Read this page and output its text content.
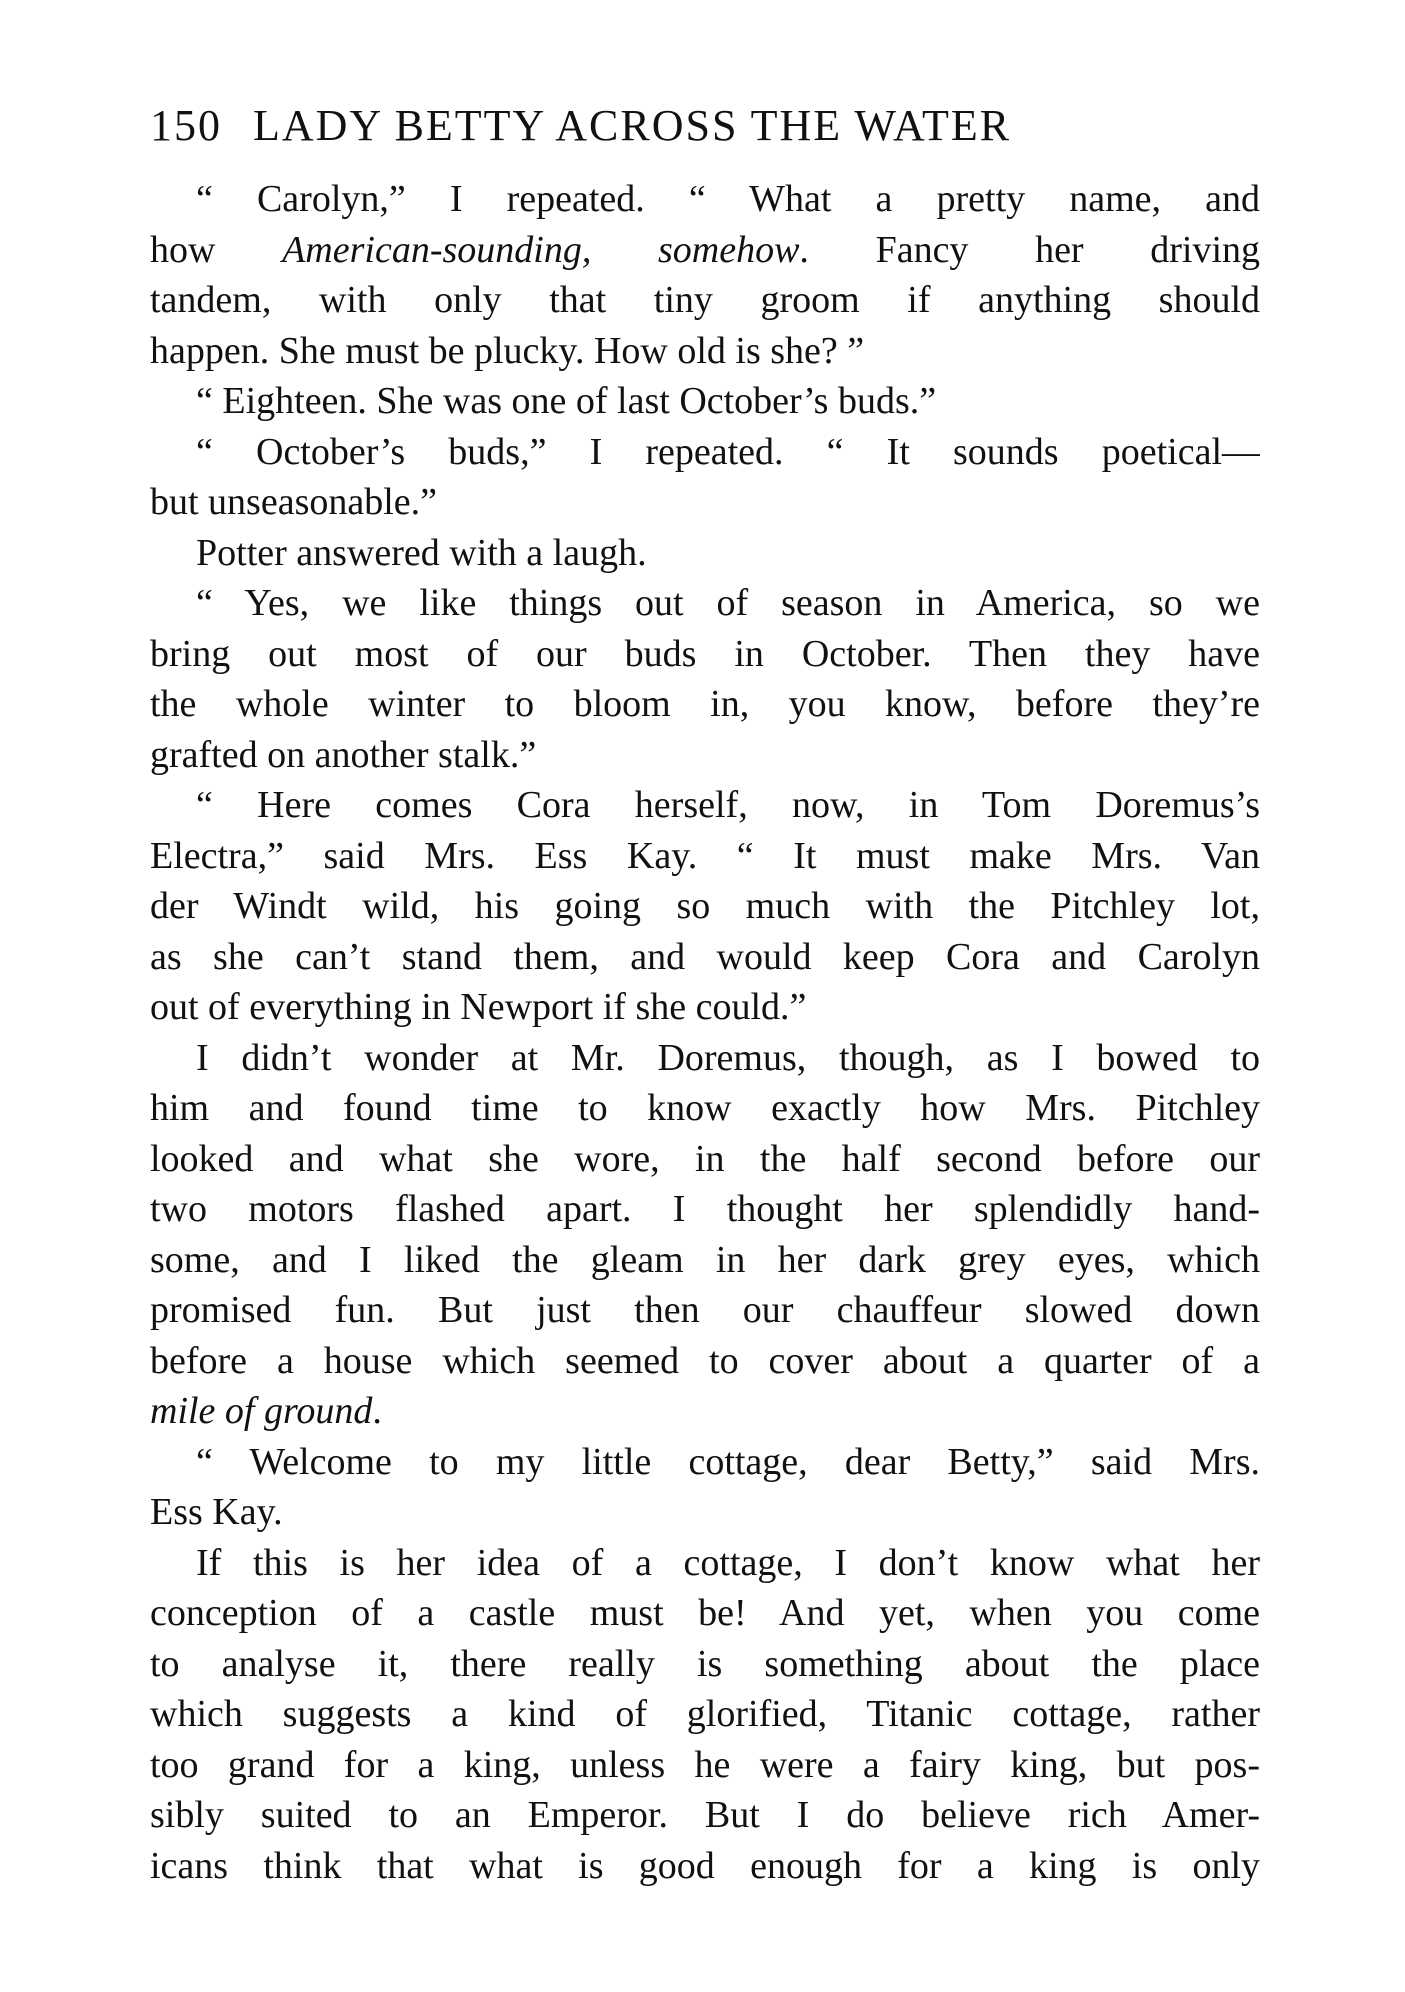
150 LADY BETTY ACROSS THE WATER
“ Carolyn,” I repeated. “ What a pretty name, and
how American-sounding, somehow. Fancy her driving
tandem, with only that tiny groom if anything should
happen. She must be plucky. How old is she? ”
“ Eighteen. She was one of last October’s buds.”
“ October’s buds,” I repeated. “ It sounds poetical—
but unseasonable.”
Potter answered with a laugh.
“ Yes, we like things out of season in America, so we
bring out most of our buds in October. Then they have
the whole winter to bloom in, you know, before they’re
grafted on another stalk.”
“ Here comes Cora herself, now, in Tom Doremus’s
Electra,” said Mrs. Ess Kay. “ It must make Mrs. Van
der Windt wild, his going so much with the Pitchley lot,
as she can’t stand them, and would keep Cora and Carolyn
out of everything in Newport if she could.”
I didn’t wonder at Mr. Doremus, though, as I bowed to
him and found time to know exactly how Mrs. Pitchley
looked and what she wore, in the half second before our
two motors flashed apart. I thought her splendidly hand-
some, and I liked the gleam in her dark grey eyes, which
promised fun. But just then our chauffeur slowed down
before a house which seemed to cover about a quarter of a
mile of ground.
“ Welcome to my little cottage, dear Betty,” said Mrs.
Ess Kay.
If this is her idea of a cottage, I don’t know what her
conception of a castle must be! And yet, when you come
to analyse it, there really is something about the place
which suggests a kind of glorified, Titanic cottage, rather
too grand for a king, unless he were a fairy king, but pos-
sibly suited to an Emperor. But I do believe rich Amer-
icans think that what is good enough for a king is only
